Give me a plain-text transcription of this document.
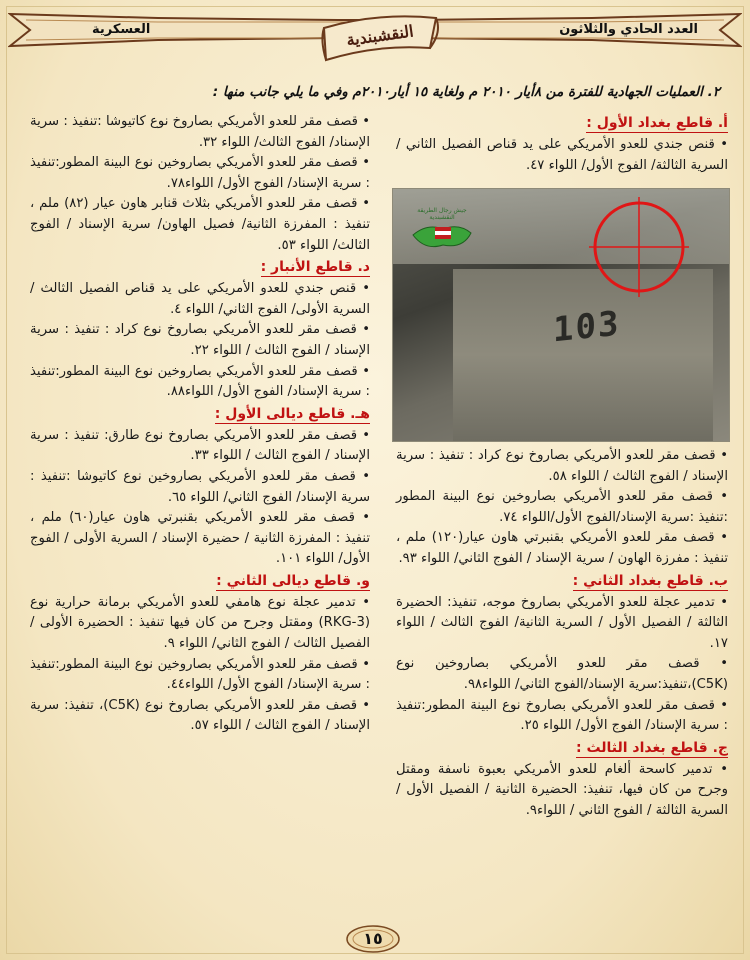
العسكرية	العدد الحادي والثلاثون
النقشبندية
٢. العمليات الجهادية للفترة من ٨أيار ٢٠١٠ م ولغاية ١٥ أيار٢٠١٠م وفي ما يلي جانب منها :
أ. قاطع بغداد الأول :

• قنص جندي للعدو الأمريكي على يد قناص الفصيل الثاني / السرية الثالثة/ الفوج الأول/ اللواء ٤٧.

103
جيش رجال الطريقة النقشبندية

• قصف مقر للعدو الأمريكي بصاروخ نوع كراد : تنفيذ : سرية الإسناد / الفوج الثالث / اللواء ٥٨.

• قصف مقر للعدو الأمريكي بصاروخين نوع البينة المطور :تنفيذ :سرية الإسناد/الفوج الأول/اللواء ٧٤.

• قصف مقر للعدو الأمريكي بقنبرتي هاون عيار(١٢٠) ملم ، تنفيذ : مفرزة الهاون / سرية الإسناد / الفوج الثاني/ اللواء ٩٣.

ب. قاطع بغداد الثاني :

• تدمير عجلة للعدو الأمريكي بصاروخ موجه، تنفيذ: الحضيرة الثالثة / الفصيل الأول / السرية الثانية/ الفوج الثالث / اللواء ١٧.

• قصف مقر للعدو الأمريكي بصاروخين نوع (C5K)،تنفيذ:سرية الإسناد/الفوج الثاني/ اللواء٩٨.

• قصف مقر للعدو الأمريكي بصاروخ نوع البينة المطور:تنفيذ : سرية الإسناد/ الفوج الأول/ اللواء ٢٥.

ج. قاطع بغداد الثالث :

• تدمير كاسحة ألغام للعدو الأمريكي بعبوة ناسفة ومقتل وجرح من كان فيها، تنفيذ: الحضيرة الثانية / الفصيل الأول / السرية الثالثة / الفوج الثاني / اللواء٩.

• قصف مقر للعدو الأمريكي بصاروخ نوع كاتيوشا :تنفيذ : سرية الإسناد/ الفوج الثالث/ اللواء ٣٢.

• قصف مقر للعدو الأمريكي بصاروخين نوع البينة المطور:تنفيذ : سرية الإسناد/ الفوج الأول/ اللواء٧٨.

• قصف مقر للعدو الأمريكي بثلاث قنابر هاون عيار (٨٢) ملم ، تنفيذ : المفرزة الثانية/ فصيل الهاون/ سرية الإسناد / الفوج الثالث/ اللواء ٥٣.

د. قاطع الأنبار :

• قنص جندي للعدو الأمريكي على يد قناص الفصيل الثالث / السرية الأولى/ الفوج الثاني/ اللواء ٤.

• قصف مقر للعدو الأمريكي بصاروخ نوع كراد : تنفيذ : سرية الإسناد / الفوج الثالث / اللواء ٢٢.

• قصف مقر للعدو الأمريكي بصاروخين نوع البينة المطور:تنفيذ : سرية الإسناد/ الفوج الأول/ اللواء٨٨.

هـ. قاطع ديالى الأول :

• قصف مقر للعدو الأمريكي بصاروخ نوع طارق: تنفيذ : سرية الإسناد / الفوج الثالث / اللواء ٣٣.

• قصف مقر للعدو الأمريكي بصاروخين نوع كاتيوشا :تنفيذ : سرية الإسناد/ الفوج الثاني/ اللواء ٦٥.

• قصف مقر للعدو الأمريكي بقنبرتي هاون عيار(٦٠) ملم ، تنفيذ : المفرزة الثانية / حضيرة الإسناد / السرية الأولى / الفوج الأول/ اللواء ١٠١.

و. قاطع ديالى الثاني :

• تدمير عجلة نوع هامفي للعدو الأمريكي برمانة حرارية نوع (RKG-3) ومقتل وجرح من كان فيها تنفيذ : الحضيرة الأولى / الفصيل الثالث / الفوج الثاني/ اللواء ٩.

• قصف مقر للعدو الأمريكي بصاروخين نوع البينة المطور:تنفيذ : سرية الإسناد/ الفوج الأول/ اللواء٤٤.

• قصف مقر للعدو الأمريكي بصاروخ نوع (C5K)، تنفيذ: سرية الإسناد / الفوج الثالث / اللواء ٥٧.

١٥
